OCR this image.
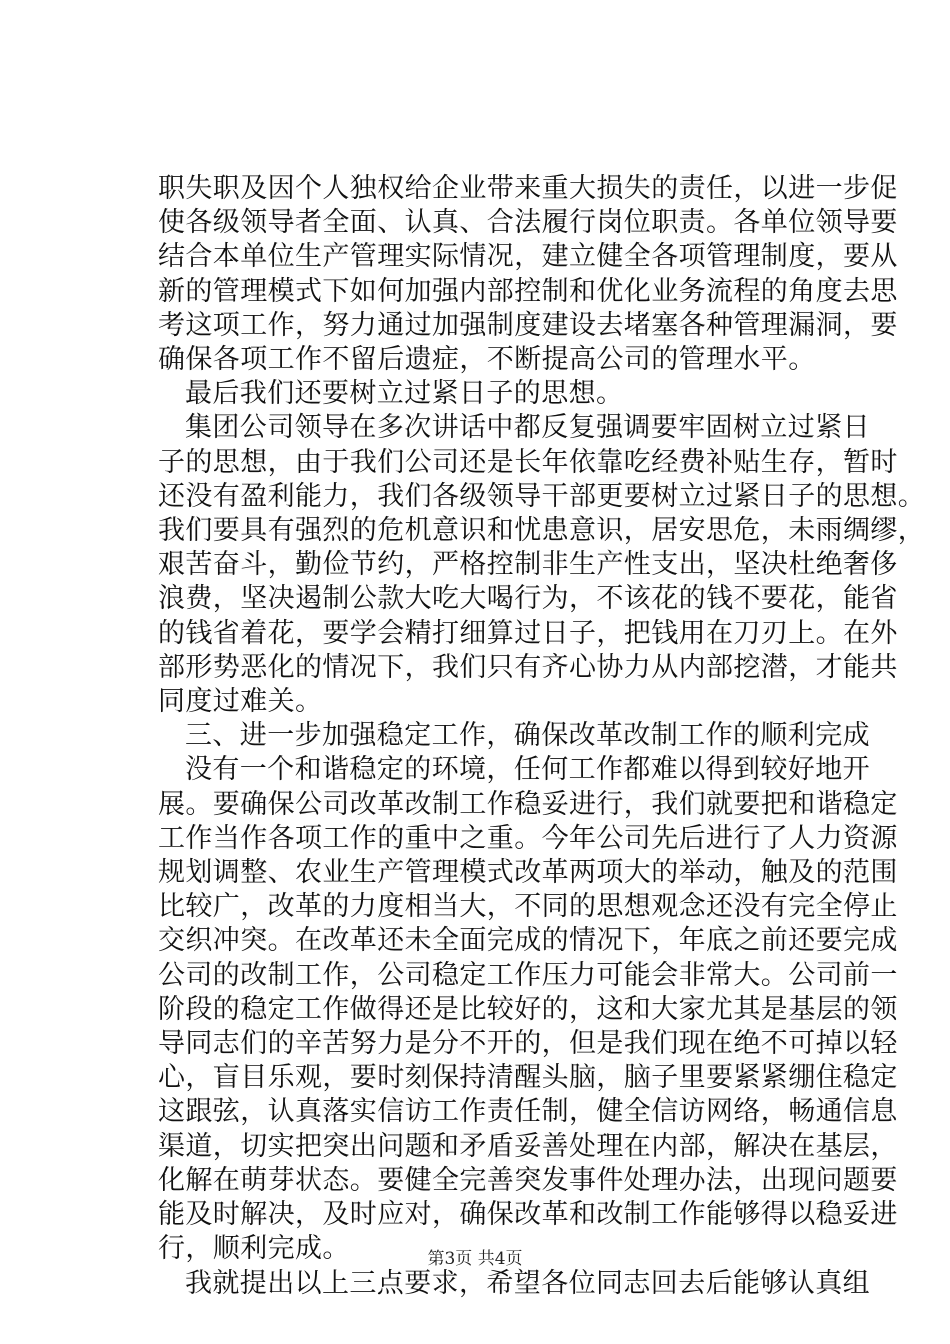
职失职及因个人独权给企业带来重大损失的责任，以进一步促
使各级领导者全面、认真、合法履行岗位职责。各单位领导要
结合本单位生产管理实际情况，建立健全各项管理制度，要从
新的管理模式下如何加强内部控制和优化业务流程的角度去思
考这项工作，努力通过加强制度建设去堵塞各种管理漏洞，要
确保各项工作不留后遗症，不断提高公司的管理水平。
最后我们还要树立过紧日子的思想。
集团公司领导在多次讲话中都反复强调要牢固树立过紧日
子的思想，由于我们公司还是长年依靠吃经费补贴生存，暂时
还没有盈利能力，我们各级领导干部更要树立过紧日子的思想。
我们要具有强烈的危机意识和忧患意识，居安思危，未雨绸缪，
艰苦奋斗，勤俭节约，严格控制非生产性支出，坚决杜绝奢侈
浪费，坚决遏制公款大吃大喝行为，不该花的钱不要花，能省
的钱省着花，要学会精打细算过日子，把钱用在刀刃上。在外
部形势恶化的情况下，我们只有齐心协力从内部挖潜，才能共
同度过难关。
三、进一步加强稳定工作，确保改革改制工作的顺利完成
没有一个和谐稳定的环境，任何工作都难以得到较好地开
展。要确保公司改革改制工作稳妥进行，我们就要把和谐稳定
工作当作各项工作的重中之重。今年公司先后进行了人力资源
规划调整、农业生产管理模式改革两项大的举动，触及的范围
比较广，改革的力度相当大，不同的思想观念还没有完全停止
交织冲突。在改革还未全面完成的情况下，年底之前还要完成
公司的改制工作，公司稳定工作压力可能会非常大。公司前一
阶段的稳定工作做得还是比较好的，这和大家尤其是基层的领
导同志们的辛苦努力是分不开的，但是我们现在绝不可掉以轻
心，盲目乐观，要时刻保持清醒头脑，脑子里要紧紧绷住稳定
这跟弦，认真落实信访工作责任制，健全信访网络，畅通信息
渠道，切实把突出问题和矛盾妥善处理在内部，解决在基层，
化解在萌芽状态。要健全完善突发事件处理办法，出现问题要
能及时解决，及时应对，确保改革和改制工作能够得以稳妥进
行，顺利完成。
我就提出以上三点要求，希望各位同志回去后能够认真组
第3页 共4页
